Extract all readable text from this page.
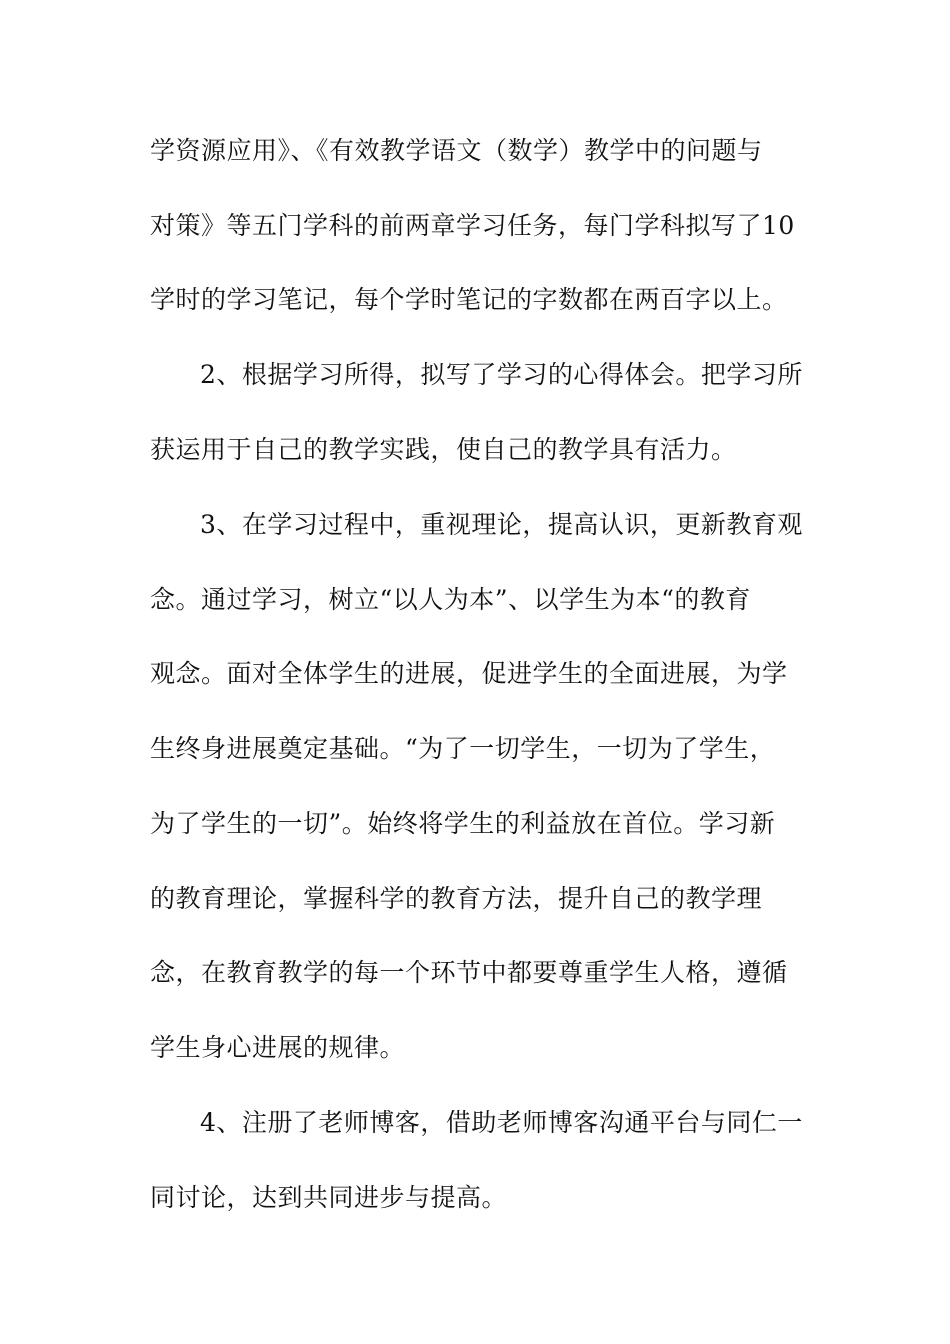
学资源应用》、《有效教学语文（数学）教学中的问题与
对策》等五门学科的前两章学习任务，每门学科拟写了10
学时的学习笔记，每个学时笔记的字数都在两百字以上。
2、根据学习所得，拟写了学习的心得体会。把学习所
获运用于自己的教学实践，使自己的教学具有活力。
3、在学习过程中，重视理论，提高认识，更新教育观
念。通过学习，树立“以人为本”、以学生为本“的教育
观念。面对全体学生的进展，促进学生的全面进展，为学
生终身进展奠定基础。“为了一切学生，一切为了学生，
为了学生的一切”。始终将学生的利益放在首位。学习新
的教育理论，掌握科学的教育方法，提升自己的教学理
念，在教育教学的每一个环节中都要尊重学生人格，遵循
学生身心进展的规律。
4、注册了老师博客，借助老师博客沟通平台与同仁一
同讨论，达到共同进步与提高。
